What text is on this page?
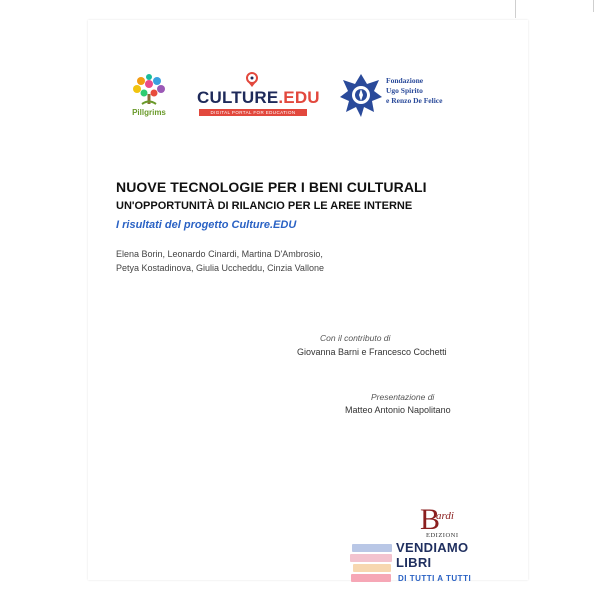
Pillgrims
CULTURE.EDU
DIGITAL PORTAL FOR EDUCATION
Fondazione
Ugo Spirito
e Renzo De Felice
NUOVE TECNOLOGIE PER I BENI CULTURALI
UN'OPPORTUNITÀ DI RILANCIO PER LE AREE INTERNE
I risultati del progetto Culture.EDU
Elena Borin, Leonardo Cinardi, Martina D'Ambrosio,
Petya Kostadinova, Giulia Uccheddu, Cinzia Vallone
Con il contributo di
Giovanna Barni e Francesco Cochetti
Presentazione di
Matteo Antonio Napolitano
B
ardi
EDIZIONI
VENDIAMO
LIBRI
DI TUTTI A TUTTI
